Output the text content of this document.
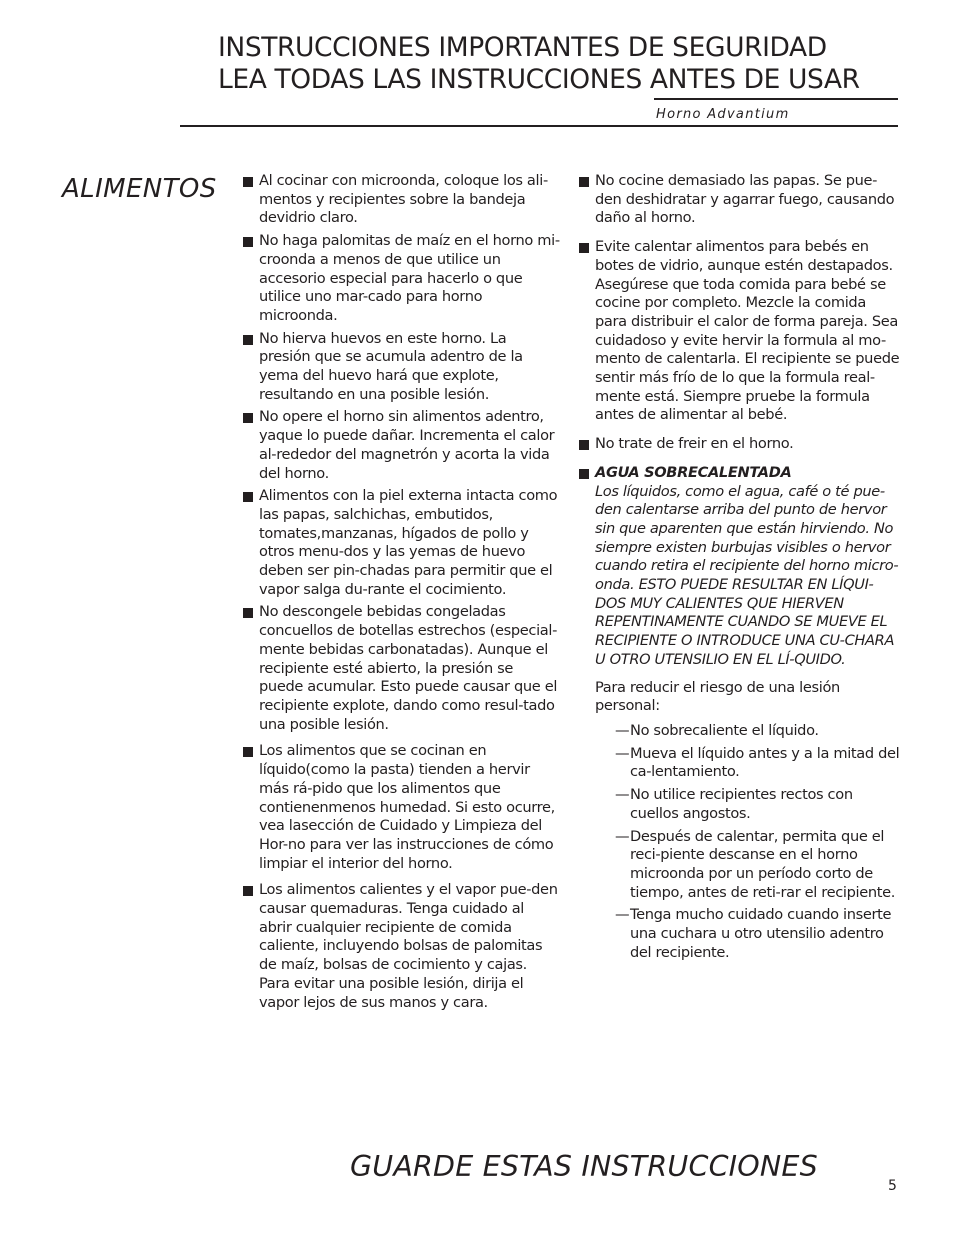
INSTRUCCIONES IMPORTANTES DE SEGURIDAD
LEA TODAS LAS INSTRUCCIONES ANTES DE USAR
Horno Advantium
ALIMENTOS	Al cocinar con microonda, coloque los ali-mentos y recipientes sobre la bandeja devidrio claro.
No haga palomitas de maíz en el horno mi-croonda a menos de que utilice un accesorio especial para hacerlo o que utilice uno mar-cado para horno microonda.
No hierva huevos en este horno. La presión que se acumula adentro de la yema del huevo hará que explote, resultando en una posible lesión.
No opere el horno sin alimentos adentro, yaque lo puede dañar. Incrementa el calor al-rededor del magnetrón y acorta la vida del horno.
Alimentos con la piel externa intacta como las papas, salchichas, embutidos, tomates,manzanas, hígados de pollo y otros menu-dos y las yemas de huevo deben ser pin-chadas para permitir que el vapor salga du-rante el cocimiento.
No descongele bebidas congeladas concuellos de botellas estrechos (especial-mente bebidas carbonatadas). Aunque el recipiente esté abierto, la presión se puede acumular. Esto puede causar que el recipiente explote, dando como resul-tado una posible lesión.
Los alimentos que se cocinan en líquido(como la pasta) tienden a hervir más rá-pido que los alimentos que contienenmenos humedad. Si esto ocurre, vea lasección de Cuidado y Limpieza del Hor-no para ver las instrucciones de cómo limpiar el interior del horno.
Los alimentos calientes y el vapor pue-den causar quemaduras. Tenga cuidado al abrir cualquier recipiente de comida caliente, incluyendo bolsas de palomitas de maíz, bolsas de cocimiento y cajas. Para evitar una posible lesión, dirija el vapor lejos de sus manos y cara.
No cocine demasiado las papas. Se pue-den deshidratar y agarrar fuego, causando daño al horno.
Evite calentar alimentos para bebés en botes de vidrio, aunque estén destapados. Asegúrese que toda comida para bebé se cocine por completo. Mezcle la comida para distribuir el calor de forma pareja. Sea cuidadoso y evite hervir la formula al mo-mento de calentarla. El recipiente se puede sentir más frío de lo que la formula real-mente está. Siempre pruebe la formula antes de alimentar al bebé.
No trate de freir en el horno.
AGUA SOBRECALENTADA
Los líquidos, como el agua, café o té pue-den calentarse arriba del punto de hervor sin que aparenten que están hirviendo. No siempre existen burbujas visibles o hervor cuando retira el recipiente del horno micro-onda. ESTO PUEDE RESULTAR EN LÍQUI-DOS MUY CALIENTES QUE HIERVEN REPENTINAMENTE CUANDO SE MUEVE EL RECIPIENTE O INTRODUCE UNA CU-CHARA U OTRO UTENSILIO EN EL LÍ-QUIDO.
Para reducir el riesgo de una lesión personal:
— No sobrecaliente el líquido.
— Mueva el líquido antes y a la mitad del ca-lentamiento.
— No utilice recipientes rectos con cuellos angostos.
— Después de calentar, permita que el reci-piente descanse en el horno microonda por un período corto de tiempo, antes de reti-rar el recipiente.
— Tenga mucho cuidado cuando inserte una cuchara u otro utensilio adentro del recipiente.
GUARDE ESTAS INSTRUCCIONES
5
